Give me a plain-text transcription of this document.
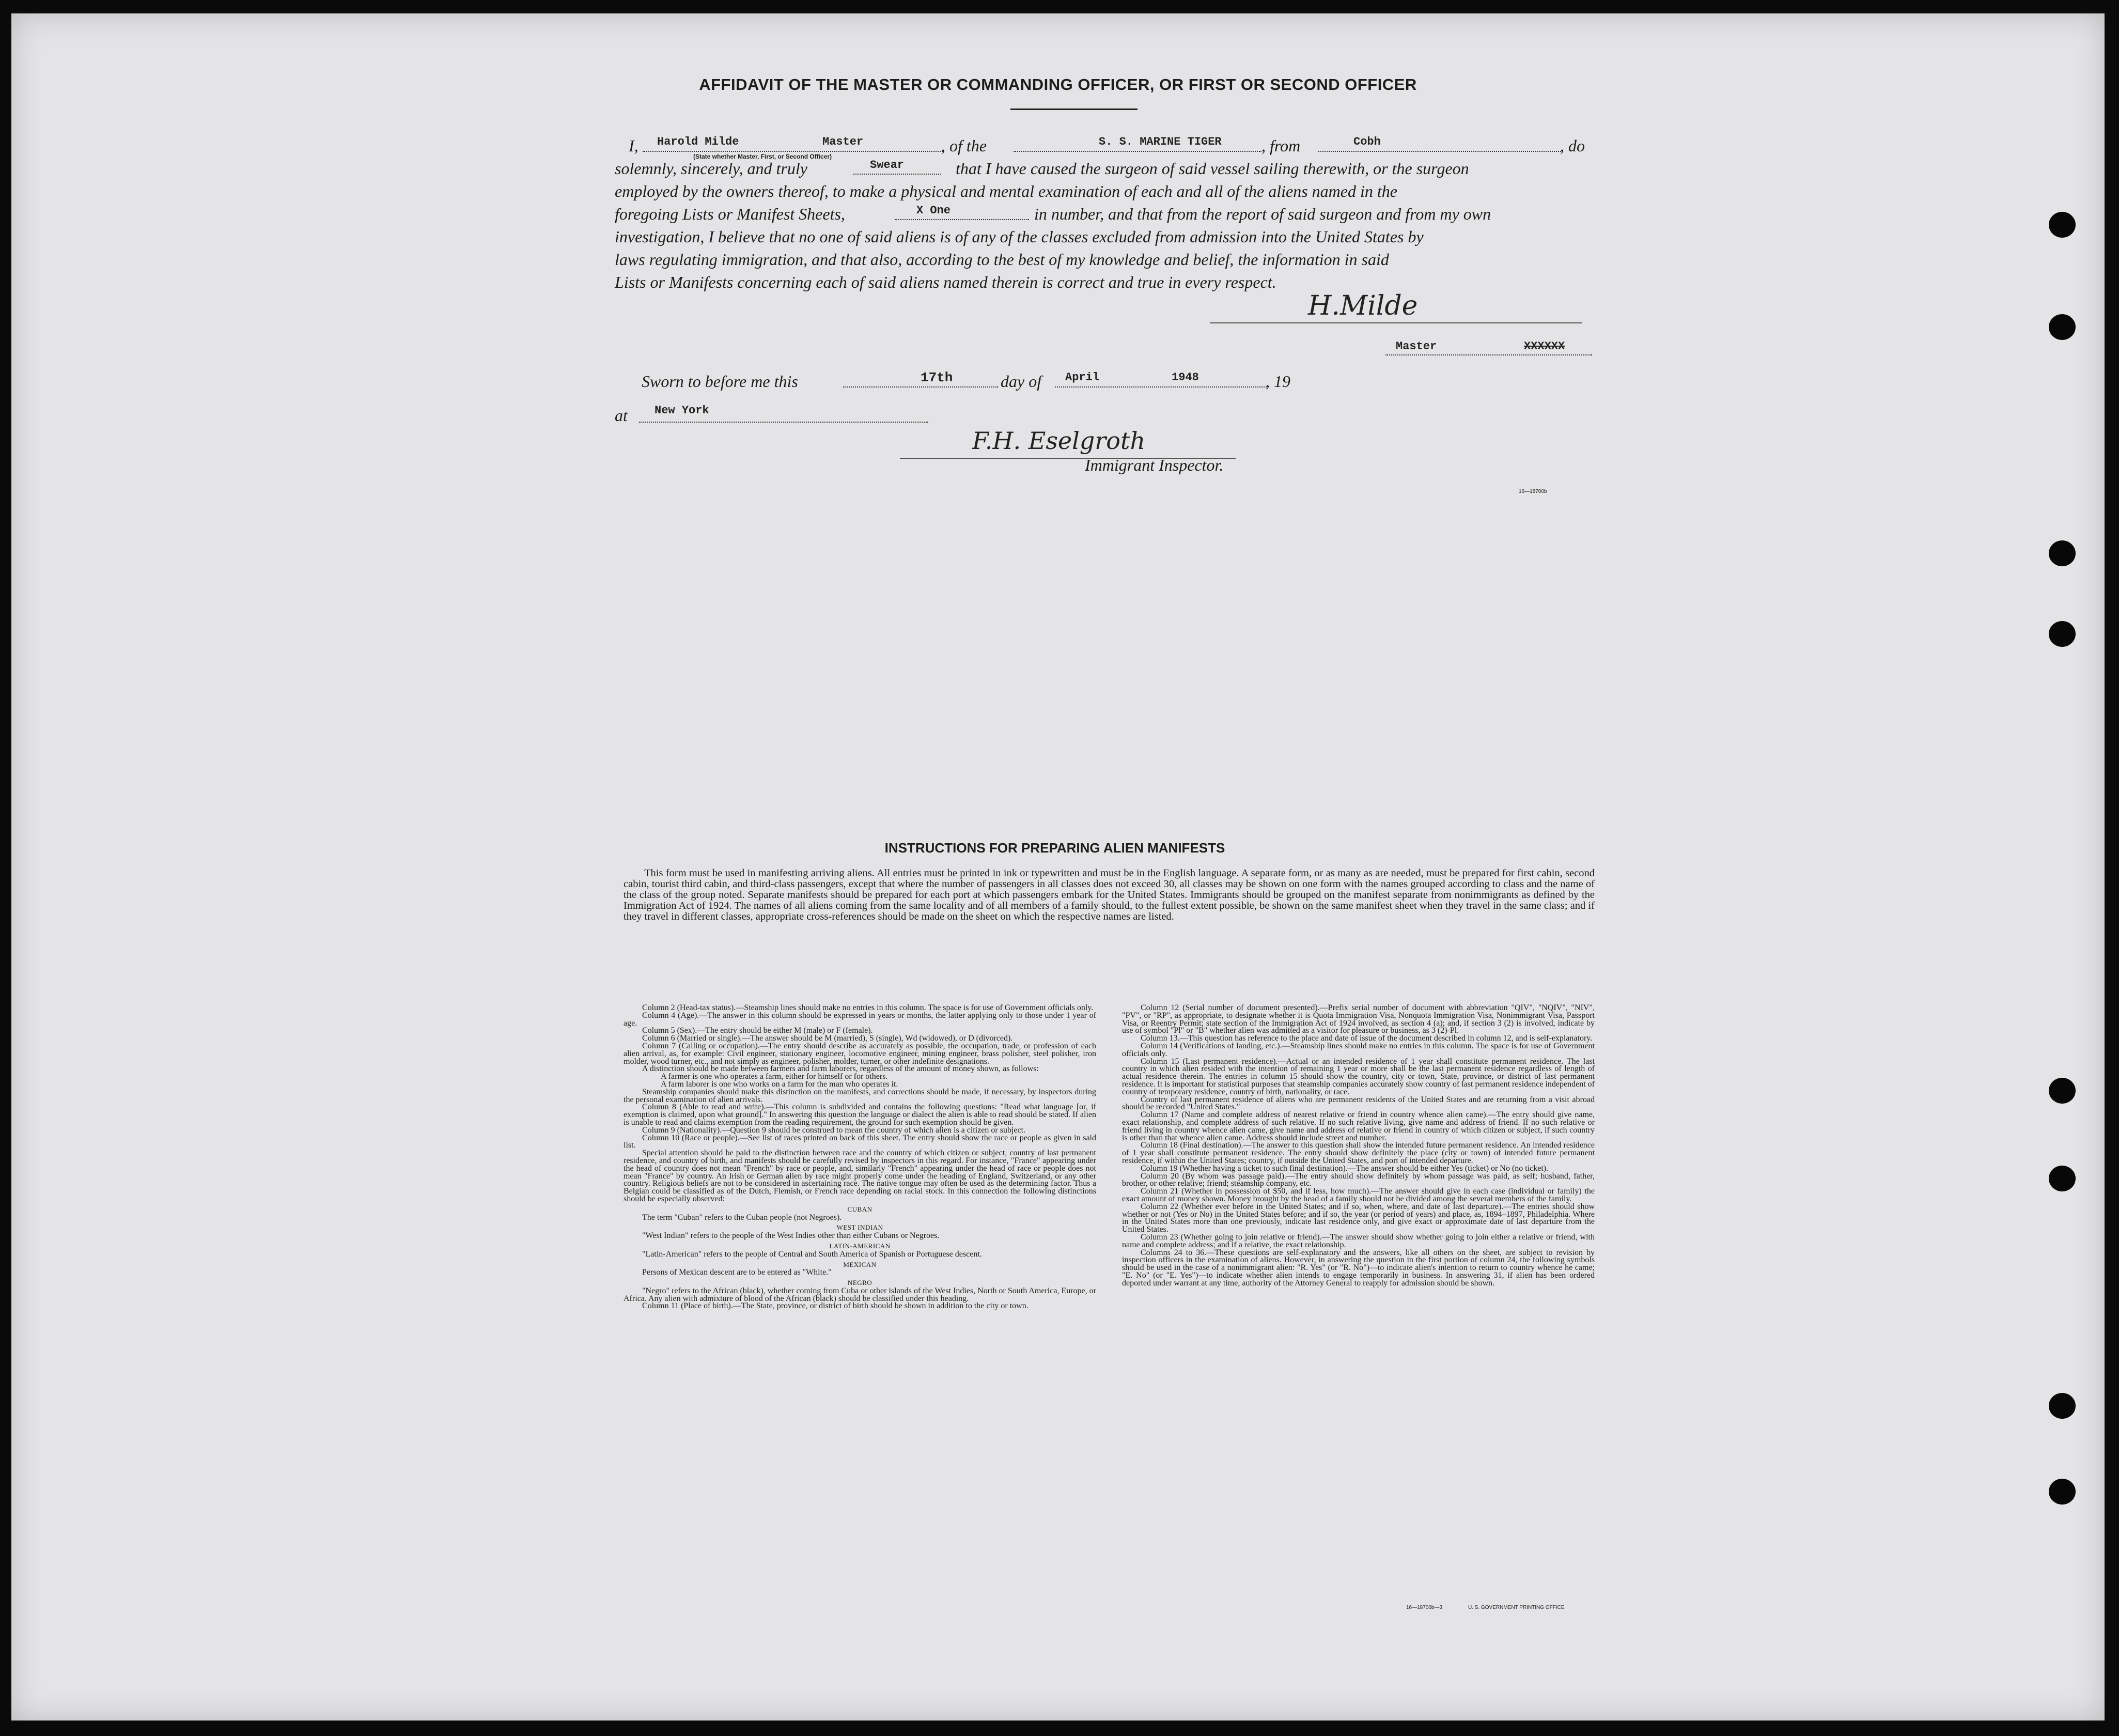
AFFIDAVIT OF THE MASTER OR COMMANDING OFFICER, OR FIRST OR SECOND OFFICER
I, Harold Milde	Master
(State whether Master, First, or Second Officer)
, of the	S. S. MARINE TIGER , from	Cobh	, do
solemnly, sincerely, and truly	Swear	that I have caused the surgeon of said vessel sailing therewith, or the surgeon
employed by the owners thereof, to make a physical and mental examination of each and all of the aliens named in the
foregoing Lists or Manifest Sheets,	X One	in number, and that from the report of said surgeon and from my own
investigation, I believe that no one of said aliens is of any of the classes excluded from admission into the United States by
laws regulating immigration, and that also, according to the best of my knowledge and belief, the information in said
Lists or Manifests concerning each of said aliens named therein is correct and true in every respect.
H.Milde
Master	XXXXXX
Sworn to before me this	17th	day of April	1948	, 19
at New York
F.H. Eselgroth
Immigrant Inspector.
16—18700b
INSTRUCTIONS FOR PREPARING ALIEN MANIFESTS

This form must be used in manifesting arriving aliens. All entries must be printed in ink or typewritten and must be in the English language. A separate form, or as many as are needed, must be prepared for first cabin, second cabin, tourist third cabin, and third-class passengers, except that where the number of passengers in all classes does not exceed 30, all classes may be shown on one form with the names grouped according to class and the name of the class of the group noted. Separate manifests should be prepared for each port at which passengers embark for the United States. Immigrants should be grouped on the manifest separate from nonimmigrants as defined by the Immigration Act of 1924. The names of all aliens coming from the same locality and of all members of a family should, to the fullest extent possible, be shown on the same manifest sheet when they travel in the same class; and if they travel in different classes, appropriate cross-references should be made on the sheet on which the respective names are listed.

Column 2 (Head-tax status).—Steamship lines should make no entries in this column. The space is for use of Government officials only.

Column 4 (Age).—The answer in this column should be expressed in years or months, the latter applying only to those under 1 year of age.

Column 5 (Sex).—The entry should be either M (male) or F (female).

Column 6 (Married or single).—The answer should be M (married), S (single), Wd (widowed), or D (divorced).

Column 7 (Calling or occupation).—The entry should describe as accurately as possible, the occupation, trade, or profession of each alien arrival, as, for example: Civil engineer, stationary engineer, locomotive engineer, mining engineer, brass polisher, steel polisher, iron molder, wood turner, etc., and not simply as engineer, polisher, molder, turner, or other indefinite designations.

A distinction should be made between farmers and farm laborers, regardless of the amount of money shown, as follows:

A farmer is one who operates a farm, either for himself or for others.

A farm laborer is one who works on a farm for the man who operates it.

Steamship companies should make this distinction on the manifests, and corrections should be made, if necessary, by inspectors during the personal examination of alien arrivals.

Column 8 (Able to read and write).—This column is subdivided and contains the following questions: "Read what language [or, if exemption is claimed, upon what ground]." In answering this question the language or dialect the alien is able to read should be stated. If alien is unable to read and claims exemption from the reading requirement, the ground for such exemption should be given.

Column 9 (Nationality).—Question 9 should be construed to mean the country of which alien is a citizen or subject.

Column 10 (Race or people).—See list of races printed on back of this sheet. The entry should show the race or people as given in said list.

Special attention should be paid to the distinction between race and the country of which citizen or subject, country of last permanent residence, and country of birth, and manifests should be carefully revised by inspectors in this regard. For instance, "France" appearing under the head of country does not mean "French" by race or people, and, similarly "French" appearing under the head of race or people does not mean "France" by country. An Irish or German alien by race might properly come under the heading of England, Switzerland, or any other country. Religious beliefs are not to be considered in ascertaining race. The native tongue may often be used as the determining factor. Thus a Belgian could be classified as of the Dutch, Flemish, or French race depending on racial stock. In this connection the following distinctions should be especially observed:

CUBAN

The term "Cuban" refers to the Cuban people (not Negroes).

WEST INDIAN

"West Indian" refers to the people of the West Indies other than either Cubans or Negroes.

LATIN-AMERICAN

"Latin-American" refers to the people of Central and South America of Spanish or Portuguese descent.

MEXICAN

Persons of Mexican descent are to be entered as "White."

NEGRO

"Negro" refers to the African (black), whether coming from Cuba or other islands of the West Indies, North or South America, Europe, or Africa. Any alien with admixture of blood of the African (black) should be classified under this heading.

Column 11 (Place of birth).—The State, province, or district of birth should be shown in addition to the city or town.

Column 12 (Serial number of document presented).—Prefix serial number of document with abbreviation "QIV", "NQIV", "NIV", "PV", or "RP", as appropriate, to designate whether it is Quota Immigration Visa, Nonquota Immigration Visa, Nonimmigrant Visa, Passport Visa, or Reentry Permit; state section of the Immigration Act of 1924 involved, as section 4 (a); and, if section 3 (2) is involved, indicate by use of symbol "Pl" or "B" whether alien was admitted as a visitor for pleasure or business, as 3 (2)-Pl.

Column 13.—This question has reference to the place and date of issue of the document described in column 12, and is self-explanatory.

Column 14 (Verifications of landing, etc.).—Steamship lines should make no entries in this column. The space is for use of Government officials only.

Column 15 (Last permanent residence).—Actual or an intended residence of 1 year shall constitute permanent residence. The last country in which alien resided with the intention of remaining 1 year or more shall be the last permanent residence regardless of length of actual residence therein. The entries in column 15 should show the country, city or town, State, province, or district of last permanent residence. It is important for statistical purposes that steamship companies accurately show country of last permanent residence independent of country of temporary residence, country of birth, nationality, or race.

Country of last permanent residence of aliens who are permanent residents of the United States and are returning from a visit abroad should be recorded "United States."

Column 17 (Name and complete address of nearest relative or friend in country whence alien came).—The entry should give name, exact relationship, and complete address of such relative. If no such relative living, give name and address of friend. If no such relative or friend living in country whence alien came, give name and address of relative or friend in country of which citizen or subject, if such country is other than that whence alien came. Address should include street and number.

Column 18 (Final destination).—The answer to this question shall show the intended future permanent residence. An intended residence of 1 year shall constitute permanent residence. The entry should show definitely the place (city or town) of intended future permanent residence, if within the United States; country, if outside the United States, and port of intended departure.

Column 19 (Whether having a ticket to such final destination).—The answer should be either Yes (ticket) or No (no ticket).

Column 20 (By whom was passage paid).—The entry should show definitely by whom passage was paid, as self; husband, father, brother, or other relative; friend; steamship company, etc.

Column 21 (Whether in possession of $50, and if less, how much).—The answer should give in each case (individual or family) the exact amount of money shown. Money brought by the head of a family should not be divided among the several members of the family.

Column 22 (Whether ever before in the United States; and if so, when, where, and date of last departure).—The entries should show whether or not (Yes or No) in the United States before; and if so, the year (or period of years) and place, as, 1894–1897, Philadelphia. Where in the United States more than one previously, indicate last residence only, and give exact or approximate date of last departure from the United States.

Column 23 (Whether going to join relative or friend).—The answer should show whether going to join either a relative or friend, with name and complete address; and if a relative, the exact relationship.

Columns 24 to 36.—These questions are self-explanatory and the answers, like all others on the sheet, are subject to revision by inspection officers in the examination of aliens. However, in answering the question in the first portion of column 24, the following symbols should be used in the case of a nonimmigrant alien: "R. Yes" (or "R. No")—to indicate alien's intention to return to country whence he came; "E. No" (or "E. Yes")—to indicate whether alien intends to engage temporarily in business. In answering 31, if alien has been ordered deported under warrant at any time, authority of the Attorney General to reapply for admission should be shown.

16—18700b—3	U. S. GOVERNMENT PRINTING OFFICE
